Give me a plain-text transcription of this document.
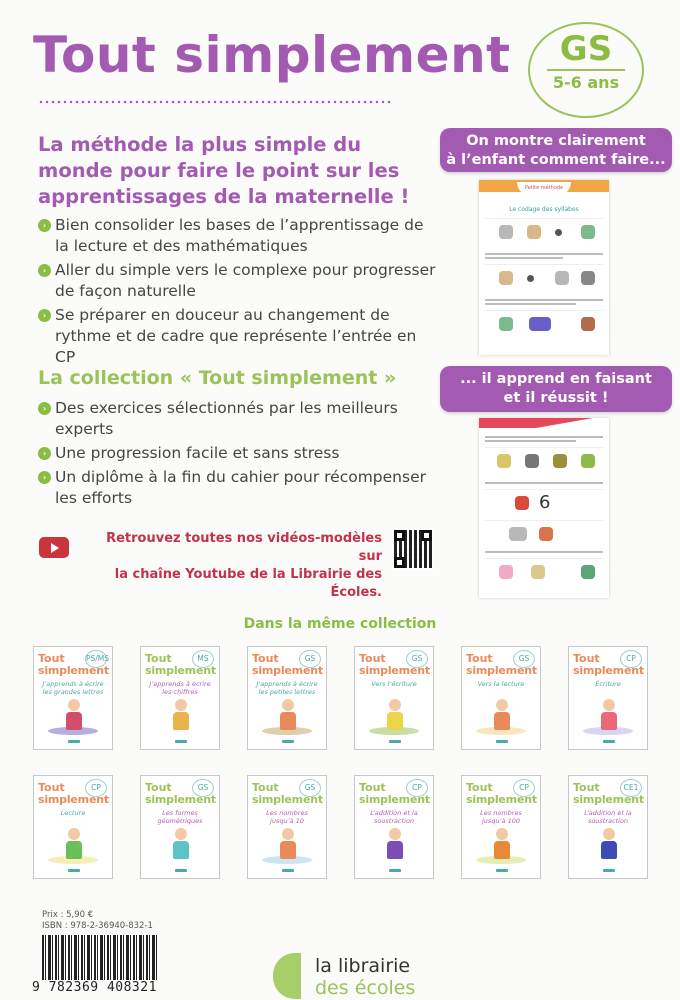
Tout simplement	GS
5-6 ans
La méthode la plus simple du monde pour faire le point sur les apprentissages de la maternelle !
› Bien consolider les bases de l’apprentissage de la lecture et des mathématiques
› Aller du simple vers le complexe pour progresser de façon naturelle
› Se préparer en douceur au changement de rythme et de cadre que représente l’entrée en CP
La collection « Tout simplement »
› Des exercices sélectionnés par les meilleurs experts
› Une progression facile et sans stress
› Un diplôme à la fin du cahier pour récompenser les efforts
Retrouvez toutes nos vidéos-modèles sur
la chaîne Youtube de la Librairie des Écoles.
On montre clairement
à l’enfant comment faire...
Petite méthode
Le codage des syllabes
... il apprend en faisant
et il réussit !
6
Dans la même collection
Tout
simplement
PS/MS
J’apprends à écrire les grandes lettres
Tout
simplement
MS
J’apprends à écrire les chiffres
Tout
simplement
GS
J’apprends à écrire les petites lettres
Tout
simplement
GS
Vers l’écriture
Tout
simplement
GS
Vers la lecture
Tout
simplement
CP
Écriture
Tout
simplement
CP
Lecture
Tout
simplement
GS
Les formes géométriques
Tout
simplement
GS
Les nombres jusqu’à 10
Tout
simplement
CP
L’addition et la soustraction
Tout
simplement
CP
Les nombres jusqu’à 100
Tout
simplement
CE1
L’addition et la soustraction
Prix : 5,90 €
ISBN : 978-2-36940-832-1
9 782369 408321
la librairie
des écoles
